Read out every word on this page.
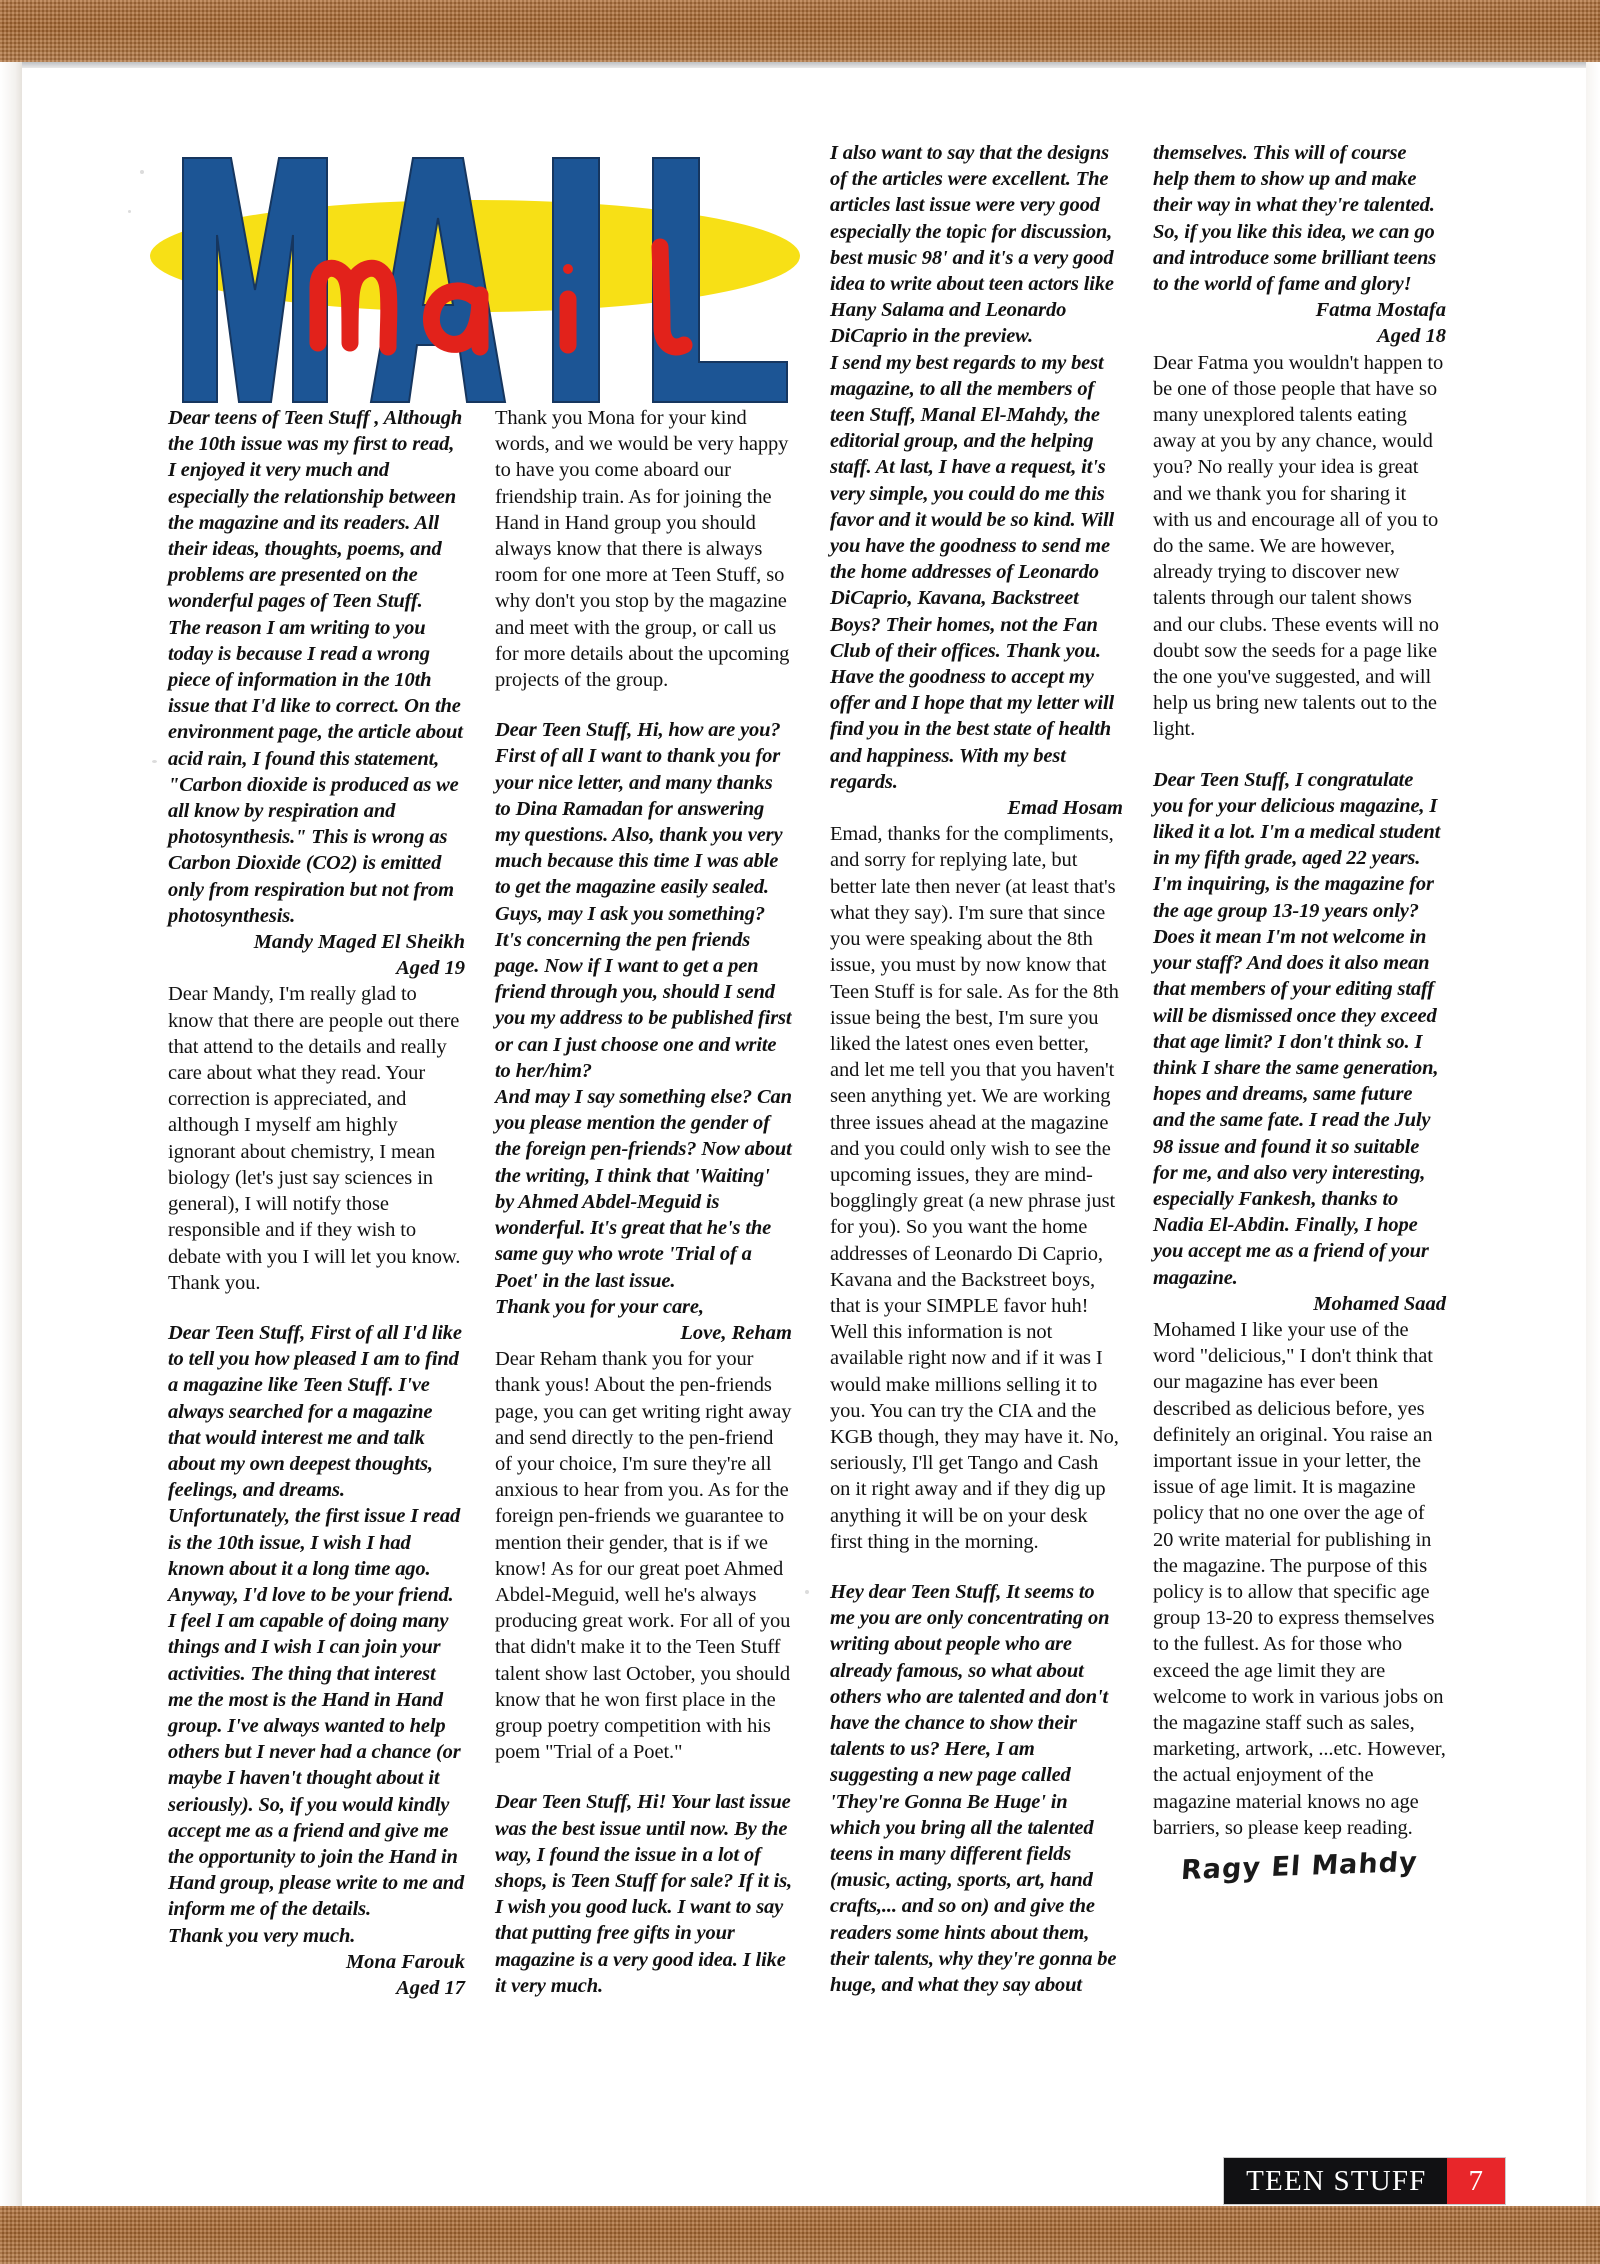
Dear teens of Teen Stuff , Although the 10th issue was my first to read, I enjoyed it very much and especially the relationship between the magazine and its readers. All their ideas, thoughts, poems, and problems are presented on the wonderful pages of Teen Stuff.

The reason I am writing to you today is because I read a wrong piece of information in the 10th issue that I'd like to correct. On the environment page, the article about acid rain, I found this statement, "Carbon dioxide is produced as we all know by respiration and photosynthesis." This is wrong as Carbon Dioxide (CO2) is emitted only from respiration but not from photosynthesis.

Mandy Maged El Sheikh

Aged 19

Dear Mandy, I'm really glad to know that there are people out there that attend to the details and really care about what they read. Your correction is appreciated, and although I myself am highly ignorant about chemistry, I mean biology (let's just say sciences in general), I will notify those responsible and if they wish to debate with you I will let you know. Thank you.

Dear Teen Stuff, First of all I'd like to tell you how pleased I am to find a magazine like Teen Stuff. I've always searched for a magazine that would interest me and talk about my own deepest thoughts, feelings, and dreams. Unfortunately, the first issue I read is the 10th issue, I wish I had known about it a long time ago. Anyway, I'd love to be your friend. I feel I am capable of doing many things and I wish I can join your activities. The thing that interest me the most is the Hand in Hand group. I've always wanted to help others but I never had a chance (or maybe I haven't thought about it seriously). So, if you would kindly accept me as a friend and give me the opportunity to join the Hand in Hand group, please write to me and inform me of the details.

Thank you very much.

Mona Farouk

Aged 17

Thank you Mona for your kind words, and we would be very happy to have you come aboard our friendship train. As for joining the Hand in Hand group you should always know that there is always room for one more at Teen Stuff, so why don't you stop by the magazine and meet with the group, or call us for more details about the upcoming projects of the group.

Dear Teen Stuff, Hi, how are you? First of all I want to thank you for your nice letter, and many thanks to Dina Ramadan for answering my questions. Also, thank you very much because this time I was able to get the magazine easily sealed.

Guys, may I ask you something? It's concerning the pen friends page. Now if I want to get a pen friend through you, should I send you my address to be published first or can I just choose one and write to her/him?

And may I say something else? Can you please mention the gender of the foreign pen-friends? Now about the writing, I think that 'Waiting' by Ahmed Abdel-Meguid is wonderful. It's great that he's the same guy who wrote 'Trial of a Poet' in the last issue.

Thank you for your care,

Love, Reham

Dear Reham thank you for your thank yous! About the pen-friends page, you can get writing right away and send directly to the pen-friend of your choice, I'm sure they're all anxious to hear from you. As for the foreign pen-friends we guarantee to mention their gender, that is if we know! As for our great poet Ahmed Abdel-Meguid, well he's always producing great work. For all of you that didn't make it to the Teen Stuff talent show last October, you should know that he won first place in the group poetry competition with his poem "Trial of a Poet."

Dear Teen Stuff, Hi! Your last issue was the best issue until now. By the way, I found the issue in a lot of shops, is Teen Stuff for sale? If it is, I wish you good luck. I want to say that putting free gifts in your magazine is a very good idea. I like it very much.

I also want to say that the designs of the articles were excellent. The articles last issue were very good especially the topic for discussion, best music 98' and it's a very good idea to write about teen actors like Hany Salama and Leonardo DiCaprio in the preview.

I send my best regards to my best magazine, to all the members of teen Stuff, Manal El-Mahdy, the editorial group, and the helping staff. At last, I have a request, it's very simple, you could do me this favor and it would be so kind. Will you have the goodness to send me the home addresses of Leonardo DiCaprio, Kavana, Backstreet Boys? Their homes, not the Fan Club of their offices. Thank you. Have the goodness to accept my offer and I hope that my letter will find you in the best state of health and happiness. With my best regards.

Emad Hosam

Emad, thanks for the compliments, and sorry for replying late, but better late then never (at least that's what they say). I'm sure that since you were speaking about the 8th issue, you must by now know that Teen Stuff is for sale. As for the 8th issue being the best, I'm sure you liked the latest ones even better, and let me tell you that you haven't seen anything yet. We are working three issues ahead at the magazine and you could only wish to see the upcoming issues, they are mind-bogglingly great (a new phrase just for you). So you want the home addresses of Leonardo Di Caprio, Kavana and the Backstreet boys, that is your SIMPLE favor huh! Well this information is not available right now and if it was I would make millions selling it to you. You can try the CIA and the KGB though, they may have it. No, seriously, I'll get Tango and Cash on it right away and if they dig up anything it will be on your desk first thing in the morning.

Hey dear Teen Stuff, It seems to me you are only concentrating on writing about people who are already famous, so what about others who are talented and don't have the chance to show their talents to us? Here, I am suggesting a new page called 'They're Gonna Be Huge' in which you bring all the talented teens in many different fields (music, acting, sports, art, hand crafts,... and so on) and give the readers some hints about them, their talents, why they're gonna be huge, and what they say about

themselves. This will of course help them to show up and make their way in what they're talented.

So, if you like this idea, we can go and introduce some brilliant teens to the world of fame and glory!

Fatma Mostafa

Aged 18

Dear Fatma you wouldn't happen to be one of those people that have so many unexplored talents eating away at you by any chance, would you? No really your idea is great and we thank you for sharing it with us and encourage all of you to do the same. We are however, already trying to discover new talents through our talent shows and our clubs. These events will no doubt sow the seeds for a page like the one you've suggested, and will help us bring new talents out to the light.

Dear Teen Stuff, I congratulate you for your delicious magazine, I liked it a lot. I'm a medical student in my fifth grade, aged 22 years. I'm inquiring, is the magazine for the age group 13-19 years only? Does it mean I'm not welcome in your staff? And does it also mean that members of your editing staff will be dismissed once they exceed that age limit? I don't think so. I think I share the same generation, hopes and dreams, same future and the same fate. I read the July 98 issue and found it so suitable for me, and also very interesting, especially Fankesh, thanks to Nadia El-Abdin. Finally, I hope you accept me as a friend of your magazine.

Mohamed Saad

Mohamed I like your use of the word "delicious," I don't think that our magazine has ever been described as delicious before, yes definitely an original. You raise an important issue in your letter, the issue of age limit. It is magazine policy that no one over the age of 20 write material for publishing in the magazine. The purpose of this policy is to allow that specific age group 13-20 to express themselves to the fullest. As for those who exceed the age limit they are welcome to work in various jobs on the magazine staff such as sales, marketing, artwork, ...etc. However, the actual enjoyment of the magazine material knows no age barriers, so please keep reading.

Ragy El Mahdy
TEEN STUFF	7
